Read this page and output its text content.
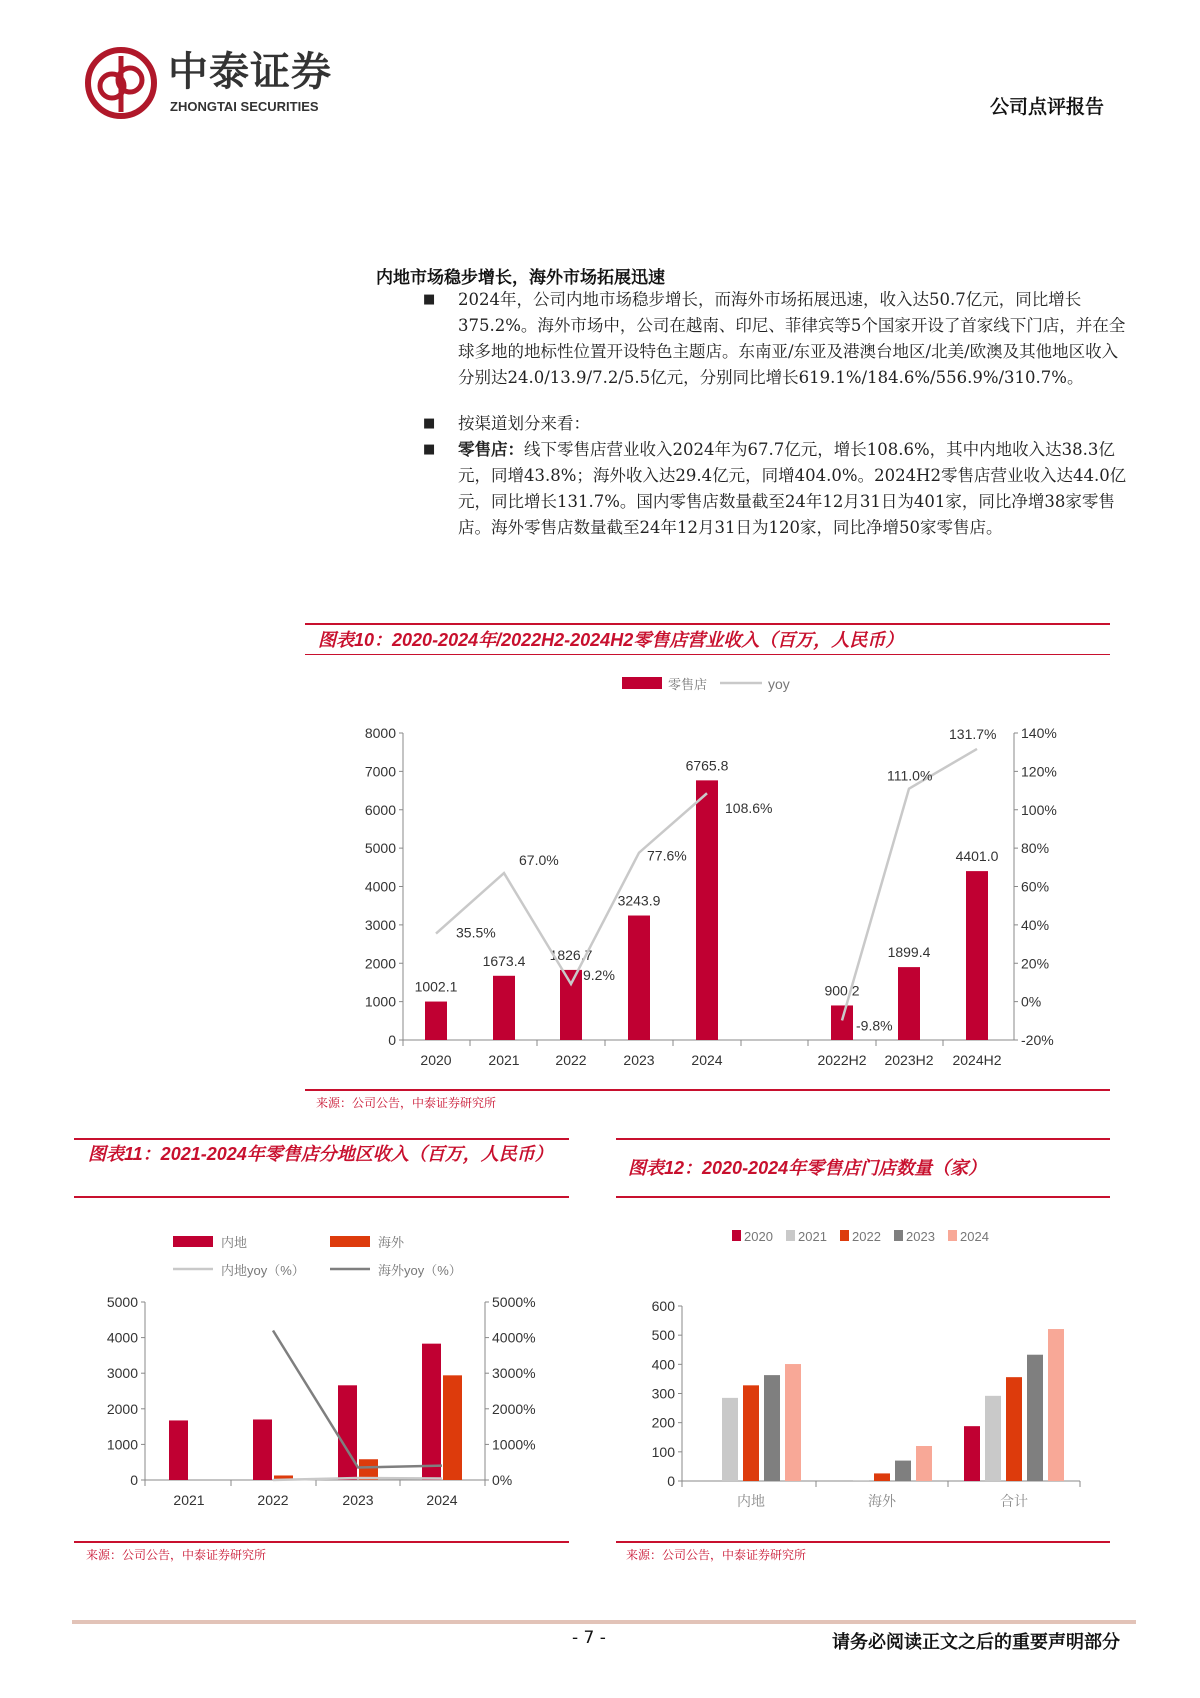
中泰证券
ZHONGTAI SECURITIES	公司点评报告
内地市场稳步增长，海外市场拓展迅速
■ 2024年，公司内地市场稳步增长，而海外市场拓展迅速，收入达50.7亿元，同比增长375.2%。海外市场中，公司在越南、印尼、菲律宾等5个国家开设了首家线下门店，并在全球多地的地标性位置开设特色主题店。东南亚/东亚及港澳台地区/北美/欧澳及其他地区收入分别达24.0/13.9/7.2/5.5亿元，分别同比增长619.1%/184.6%/556.9%/310.7%。
■ 按渠道划分来看：
■ 零售店：线下零售店营业收入2024年为67.7亿元，增长108.6%，其中内地收入达38.3亿元，同增43.8%；海外收入达29.4亿元，同增404.0%。2024H2零售店营业收入达44.0亿元，同比增长131.7%。国内零售店数量截至24年12月31日为401家，同比净增38家零售店。海外零售店数量截至24年12月31日为120家，同比净增50家零售店。
图表10：2020-2024年/2022H2-2024H2零售店营业收入（百万，人民币）
0
1000
2000
3000
4000
5000
6000
7000
8000
-20%
0%
20%
40%
60%
80%
100%
120%
140%
零售店	yoy
1002.1
2020
1673.4
2021
1826.7
2022
3243.9
2023
6765.8
2024
900.2
2022H2
1899.4
2023H2
4401.0
2024H2
35.5%
67.0%
9.2%
77.6%
108.6%
-9.8%
111.0%
131.7%
来源：公司公告，中泰证券研究所
图表11：2021-2024年零售店分地区收入（百万，人民币）
0
1000
2000
3000
4000
5000
0%
1000%
2000%
3000%
4000%
5000%
内地	海外
内地yoy（%）	海外yoy（%）
2021	2022	2023	2024
来源：公司公告，中泰证券研究所
图表12：2020-2024年零售店门店数量（家）
0
100
200
300
400
500
600
2020 2021 2022 2023 2024
内地	海外	合计
来源：公司公告，中泰证券研究所
- 7 -	请务必阅读正文之后的重要声明部分
